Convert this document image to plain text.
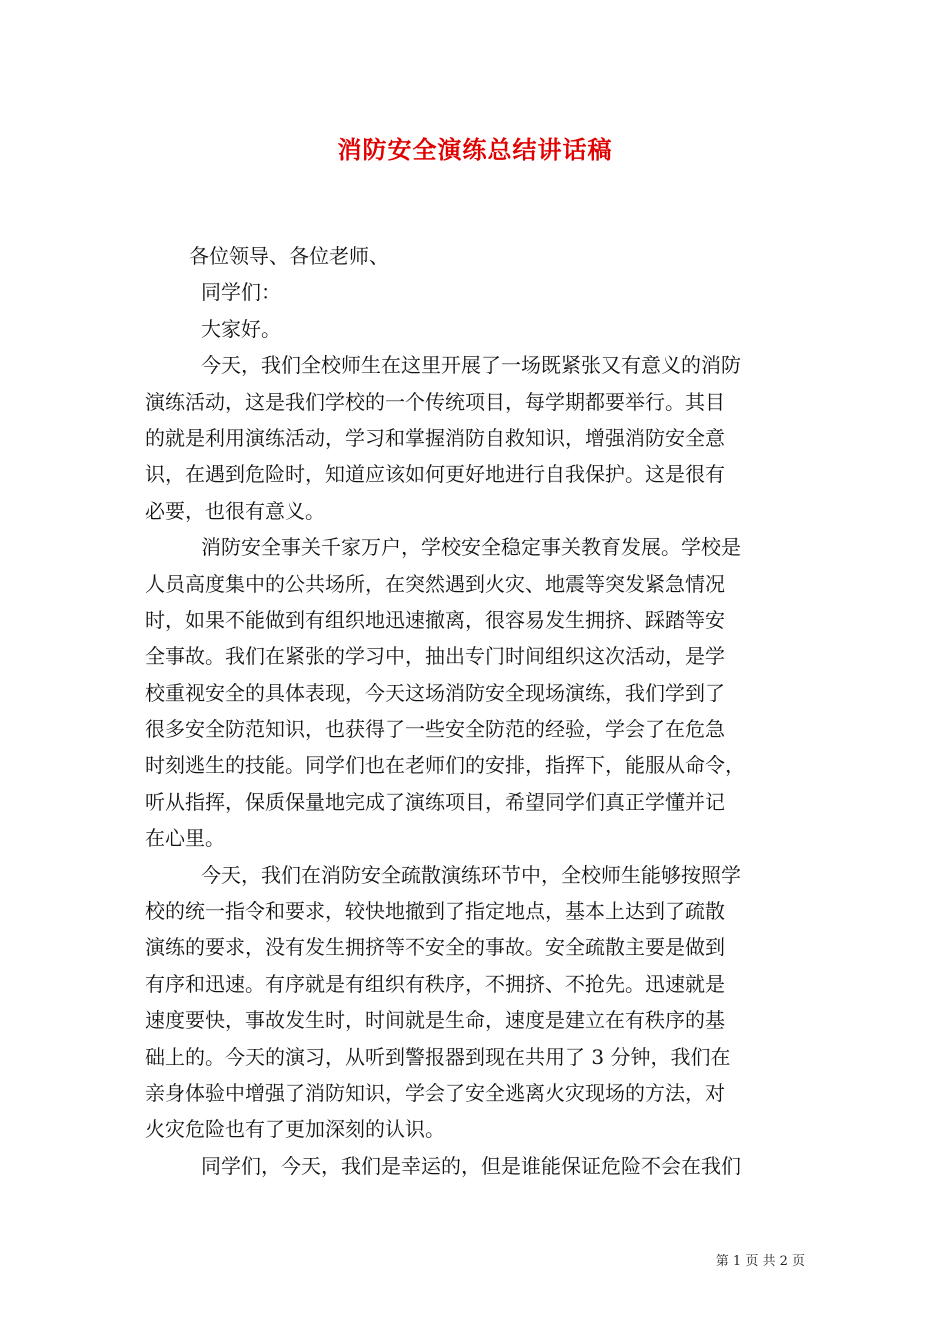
消防安全演练总结讲话稿
各位领导、各位老师、
同学们：
大家好。
今天，我们全校师生在这里开展了一场既紧张又有意义的消防
演练活动，这是我们学校的一个传统项目，每学期都要举行。其目
的就是利用演练活动，学习和掌握消防自救知识，增强消防安全意
识，在遇到危险时，知道应该如何更好地进行自我保护。这是很有
必要，也很有意义。
消防安全事关千家万户，学校安全稳定事关教育发展。学校是
人员高度集中的公共场所，在突然遇到火灾、地震等突发紧急情况
时，如果不能做到有组织地迅速撤离，很容易发生拥挤、踩踏等安
全事故。我们在紧张的学习中，抽出专门时间组织这次活动，是学
校重视安全的具体表现，今天这场消防安全现场演练，我们学到了
很多安全防范知识，也获得了一些安全防范的经验，学会了在危急
时刻逃生的技能。同学们也在老师们的安排，指挥下，能服从命令，
听从指挥，保质保量地完成了演练项目，希望同学们真正学懂并记
在心里。
今天，我们在消防安全疏散演练环节中，全校师生能够按照学
校的统一指令和要求，较快地撤到了指定地点，基本上达到了疏散
演练的要求，没有发生拥挤等不安全的事故。安全疏散主要是做到
有序和迅速。有序就是有组织有秩序，不拥挤、不抢先。迅速就是
速度要快，事故发生时，时间就是生命，速度是建立在有秩序的基
础上的。今天的演习，从听到警报器到现在共用了 3 分钟，我们在
亲身体验中增强了消防知识，学会了安全逃离火灾现场的方法，对
火灾危险也有了更加深刻的认识。
同学们，今天，我们是幸运的，但是谁能保证危险不会在我们
第 1 页 共 2 页
